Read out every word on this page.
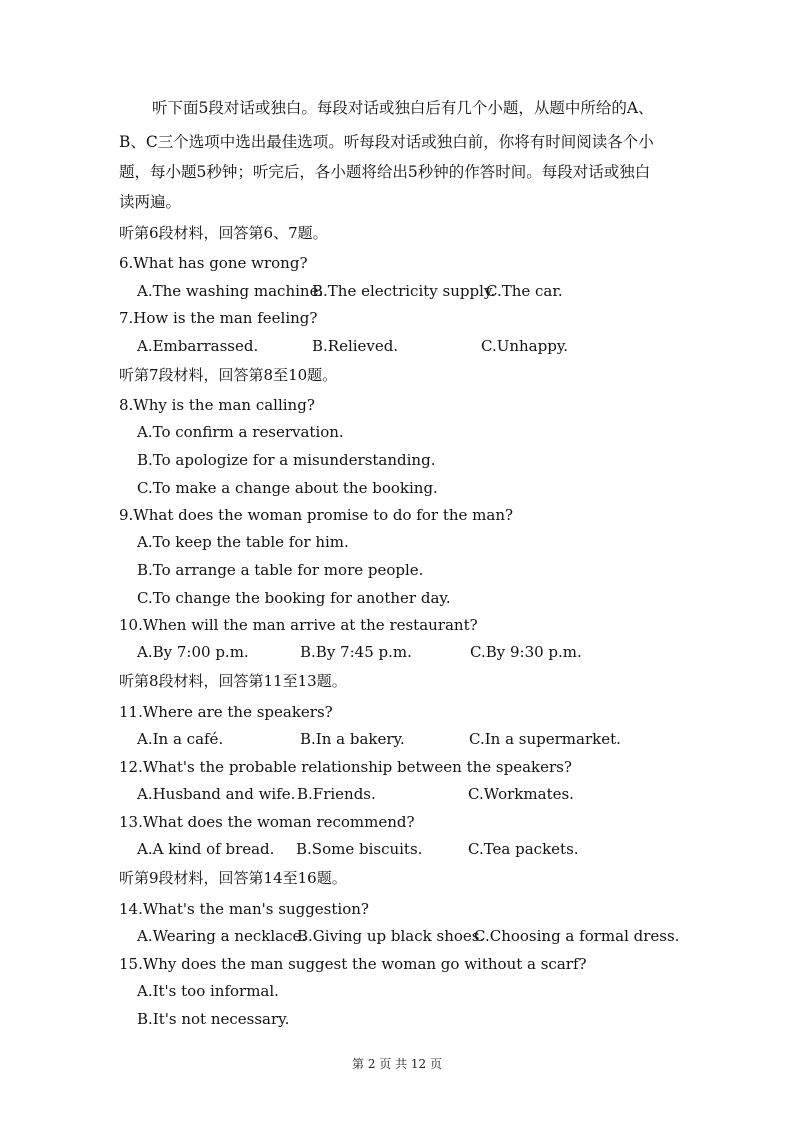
听下面5段对话或独白。每段对话或独白后有几个小题，从题中所给的A、
B、C三个选项中选出最佳选项。听每段对话或独白前，你将有时间阅读各个小
题，每小题5秒钟；听完后，各小题将给出5秒钟的作答时间。每段对话或独白
读两遍。
听第6段材料，回答第6、7题。
6.What has gone wrong?
A.The washing machine.
B.The electricity supply.
C.The car.
7.How is the man feeling?
A.Embarrassed.	B.Relieved.	C.Unhappy.
听第7段材料，回答第8至10题。
8.Why is the man calling?
A.To confirm a reservation.
B.To apologize for a misunderstanding.
C.To make a change about the booking.
9.What does the woman promise to do for the man?
A.To keep the table for him.
B.To arrange a table for more people.
C.To change the booking for another day.
10.When will the man arrive at the restaurant?
A.By 7:00 p.m.	B.By 7:45 p.m.	C.By 9:30 p.m.
听第8段材料，回答第11至13题。
11.Where are the speakers?
A.In a café.	B.In a bakery.	C.In a supermarket.
12.What's the probable relationship between the speakers?
A.Husband and wife. B.Friends.	C.Workmates.
13.What does the woman recommend?
A.A kind of bread. B.Some biscuits.	C.Tea packets.
听第9段材料，回答第14至16题。
14.What's the man's suggestion?
A.Wearing a necklace.
B.Giving up black shoes.
C.Choosing a formal dress.
15.Why does the man suggest the woman go without a scarf?
A.It's too informal.
B.It's not necessary.
第 2 页 共 12 页
